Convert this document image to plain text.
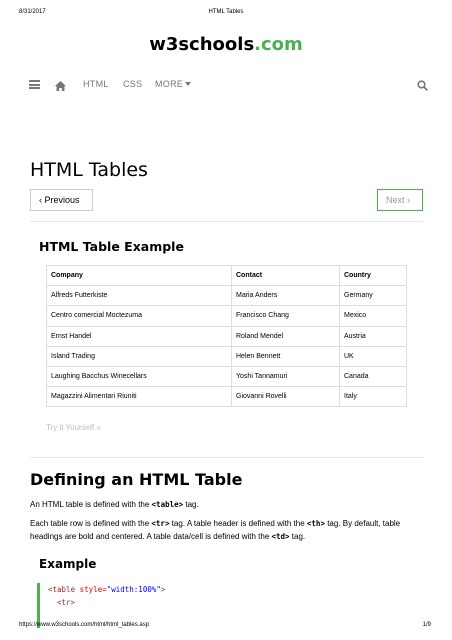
8/31/2017	HTML Tables
w3schools.com
HTML CSS MORE
HTML Tables
‹ Previous	Next ›
HTML Table Example
Company	Contact	Country
Alfreds Futterkiste	Maria Anders	Germany
Centro comercial Moctezuma	Francisco Chang	Mexico
Ernst Handel	Roland Mendel	Austria
Island Trading	Helen Bennett	UK
Laughing Bacchus Winecellars	Yoshi Tannamuri	Canada
Magazzini Alimentari Riuniti	Giovanni Rovelli	Italy
Try it Yourself »
Defining an HTML Table

An HTML table is defined with the <table> tag.

Each table row is defined with the <tr> tag. A table header is defined with the <th> tag. By default, table headings are bold and centered. A table data/cell is defined with the <td> tag.

Example
<table style="width:100%">
<tr>
https://www.w3schools.com/html/html_tables.asp	1/9
